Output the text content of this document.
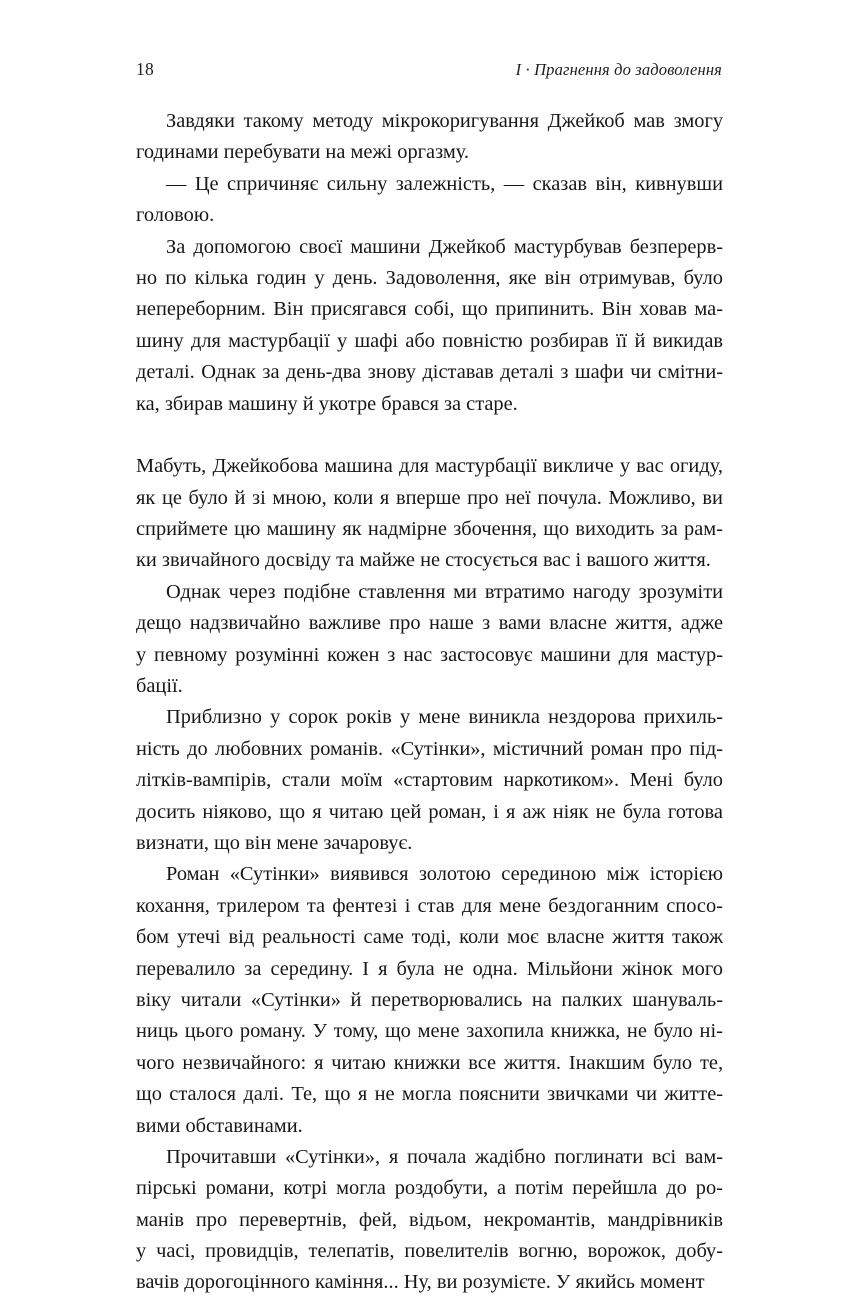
18	I · Прагнення до задоволення
Завдяки такому методу мікрокоригування Джейкоб мав змогу
годинами перебувати на межі оргазму.
— Це спричиняє сильну залежність, — сказав він, кивнувши
головою.
За допомогою своєї машини Джейкоб мастурбував безперерв-
но по кілька годин у день. Задоволення, яке він отримував, було
непереборним. Він присягався собі, що припинить. Він ховав ма-
шину для мастурбації у шафі або повністю розбирав її й викидав
деталі. Однак за день-два знову діставав деталі з шафи чи смітни-
ка, збирав машину й укотре брався за старе.
Мабуть, Джейкобова машина для мастурбації викличе у вас огиду,
як це було й зі мною, коли я вперше про неї почула. Можливо, ви
сприймете цю машину як надмірне збочення, що виходить за рам-
ки звичайного досвіду та майже не стосується вас і вашого життя.
Однак через подібне ставлення ми втратимо нагоду зрозуміти
дещо надзвичайно важливе про наше з вами власне життя, адже
у певному розумінні кожен з нас застосовує машини для мастур-
бації.
Приблизно у сорок років у мене виникла нездорова прихиль-
ність до любовних романів. «Сутінки», містичний роман про під-
літків-вампірів, стали моїм «стартовим наркотиком». Мені було
досить ніяково, що я читаю цей роман, і я аж ніяк не була готова
визнати, що він мене зачаровує.
Роман «Сутінки» виявився золотою серединою між історією
кохання, трилером та фентезі і став для мене бездоганним спосо-
бом утечі від реальності саме тоді, коли моє власне життя також
перевалило за середину. І я була не одна. Мільйони жінок мого
віку читали «Сутінки» й перетворювались на палких шануваль-
ниць цього роману. У тому, що мене захопила книжка, не було ні-
чого незвичайного: я читаю книжки все життя. Інакшим було те,
що сталося далі. Те, що я не могла пояснити звичками чи житте-
вими обставинами.
Прочитавши «Сутінки», я почала жадібно поглинати всі вам-
пірські романи, котрі могла роздобути, а потім перейшла до ро-
манів про перевертнів, фей, відьом, некромантів, мандрівників
у часі, провидців, телепатів, повелителів вогню, ворожок, добу-
вачів дорогоцінного каміння... Ну, ви розумієте. У якийсь момент
